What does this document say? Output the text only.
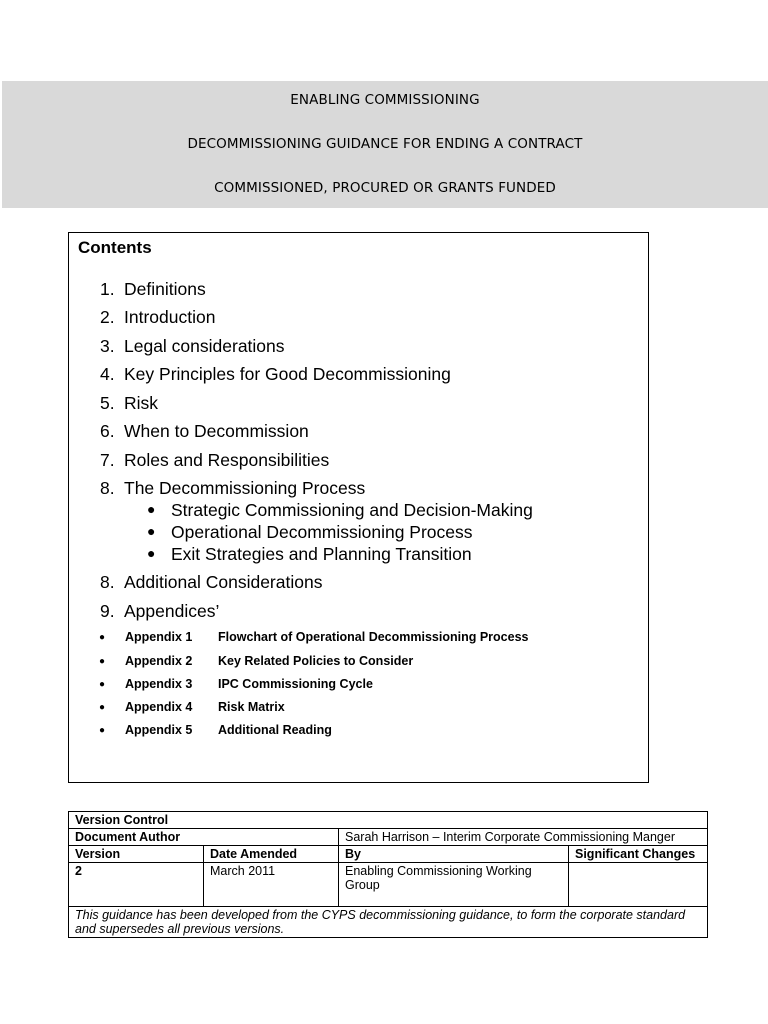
ENABLING COMMISSIONING
DECOMMISSIONING GUIDANCE FOR ENDING A CONTRACT
COMMISSIONED, PROCURED OR GRANTS FUNDED
Contents
1. Definitions
2. Introduction
3. Legal considerations
4. Key Principles for Good Decommissioning
5. Risk
6. When to Decommission
7. Roles and Responsibilities
8. The Decommissioning Process
● Strategic Commissioning and Decision-Making
● Operational Decommissioning Process
● Exit Strategies and Planning Transition
8. Additional Considerations
9. Appendices’
● Appendix 1 Flowchart of Operational Decommissioning Process
● Appendix 2 Key Related Policies to Consider
● Appendix 3 IPC Commissioning Cycle
● Appendix 4 Risk Matrix
● Appendix 5 Additional Reading
Version Control			
Document Author		Sarah Harrison – Interim Corporate Commissioning Manger	
Version	Date Amended	By	Significant Changes
2	March 2011	Enabling Commissioning Working Group	
This guidance has been developed from the CYPS decommissioning guidance, to form the corporate standard and supersedes all previous versions.			
